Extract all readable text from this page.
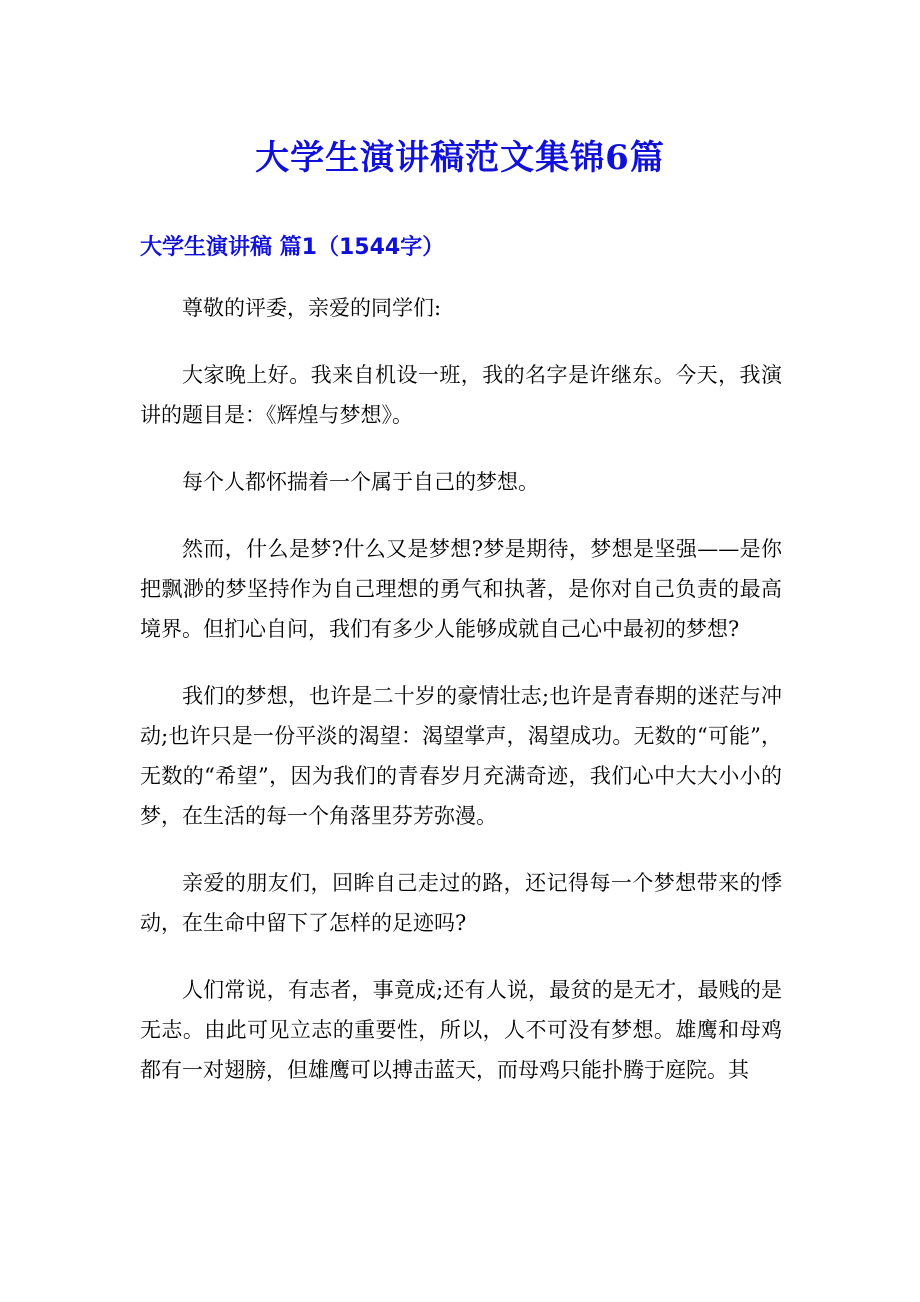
大学生演讲稿范文集锦6篇
大学生演讲稿 篇1（1544字）

尊敬的评委，亲爱的同学们:

大家晚上好。我来自机设一班，我的名字是许继东。今天，我演讲的题目是：《辉煌与梦想》。

每个人都怀揣着一个属于自己的梦想。

然而，什么是梦?什么又是梦想?梦是期待，梦想是坚强——是你把飘渺的梦坚持作为自己理想的勇气和执著，是你对自己负责的最高境界。但扪心自问，我们有多少人能够成就自己心中最初的梦想?

我们的梦想，也许是二十岁的豪情壮志;也许是青春期的迷茫与冲动;也许只是一份平淡的渴望：渴望掌声，渴望成功。无数的“可能”，无数的“希望”，因为我们的青春岁月充满奇迹，我们心中大大小小的梦，在生活的每一个角落里芬芳弥漫。

亲爱的朋友们，回眸自己走过的路，还记得每一个梦想带来的悸动，在生命中留下了怎样的足迹吗?

人们常说，有志者，事竟成;还有人说，最贫的是无才，最贱的是无志。由此可见立志的重要性，所以，人不可没有梦想。雄鹰和母鸡都有一对翅膀，但雄鹰可以搏击蓝天，而母鸡只能扑腾于庭院。其
